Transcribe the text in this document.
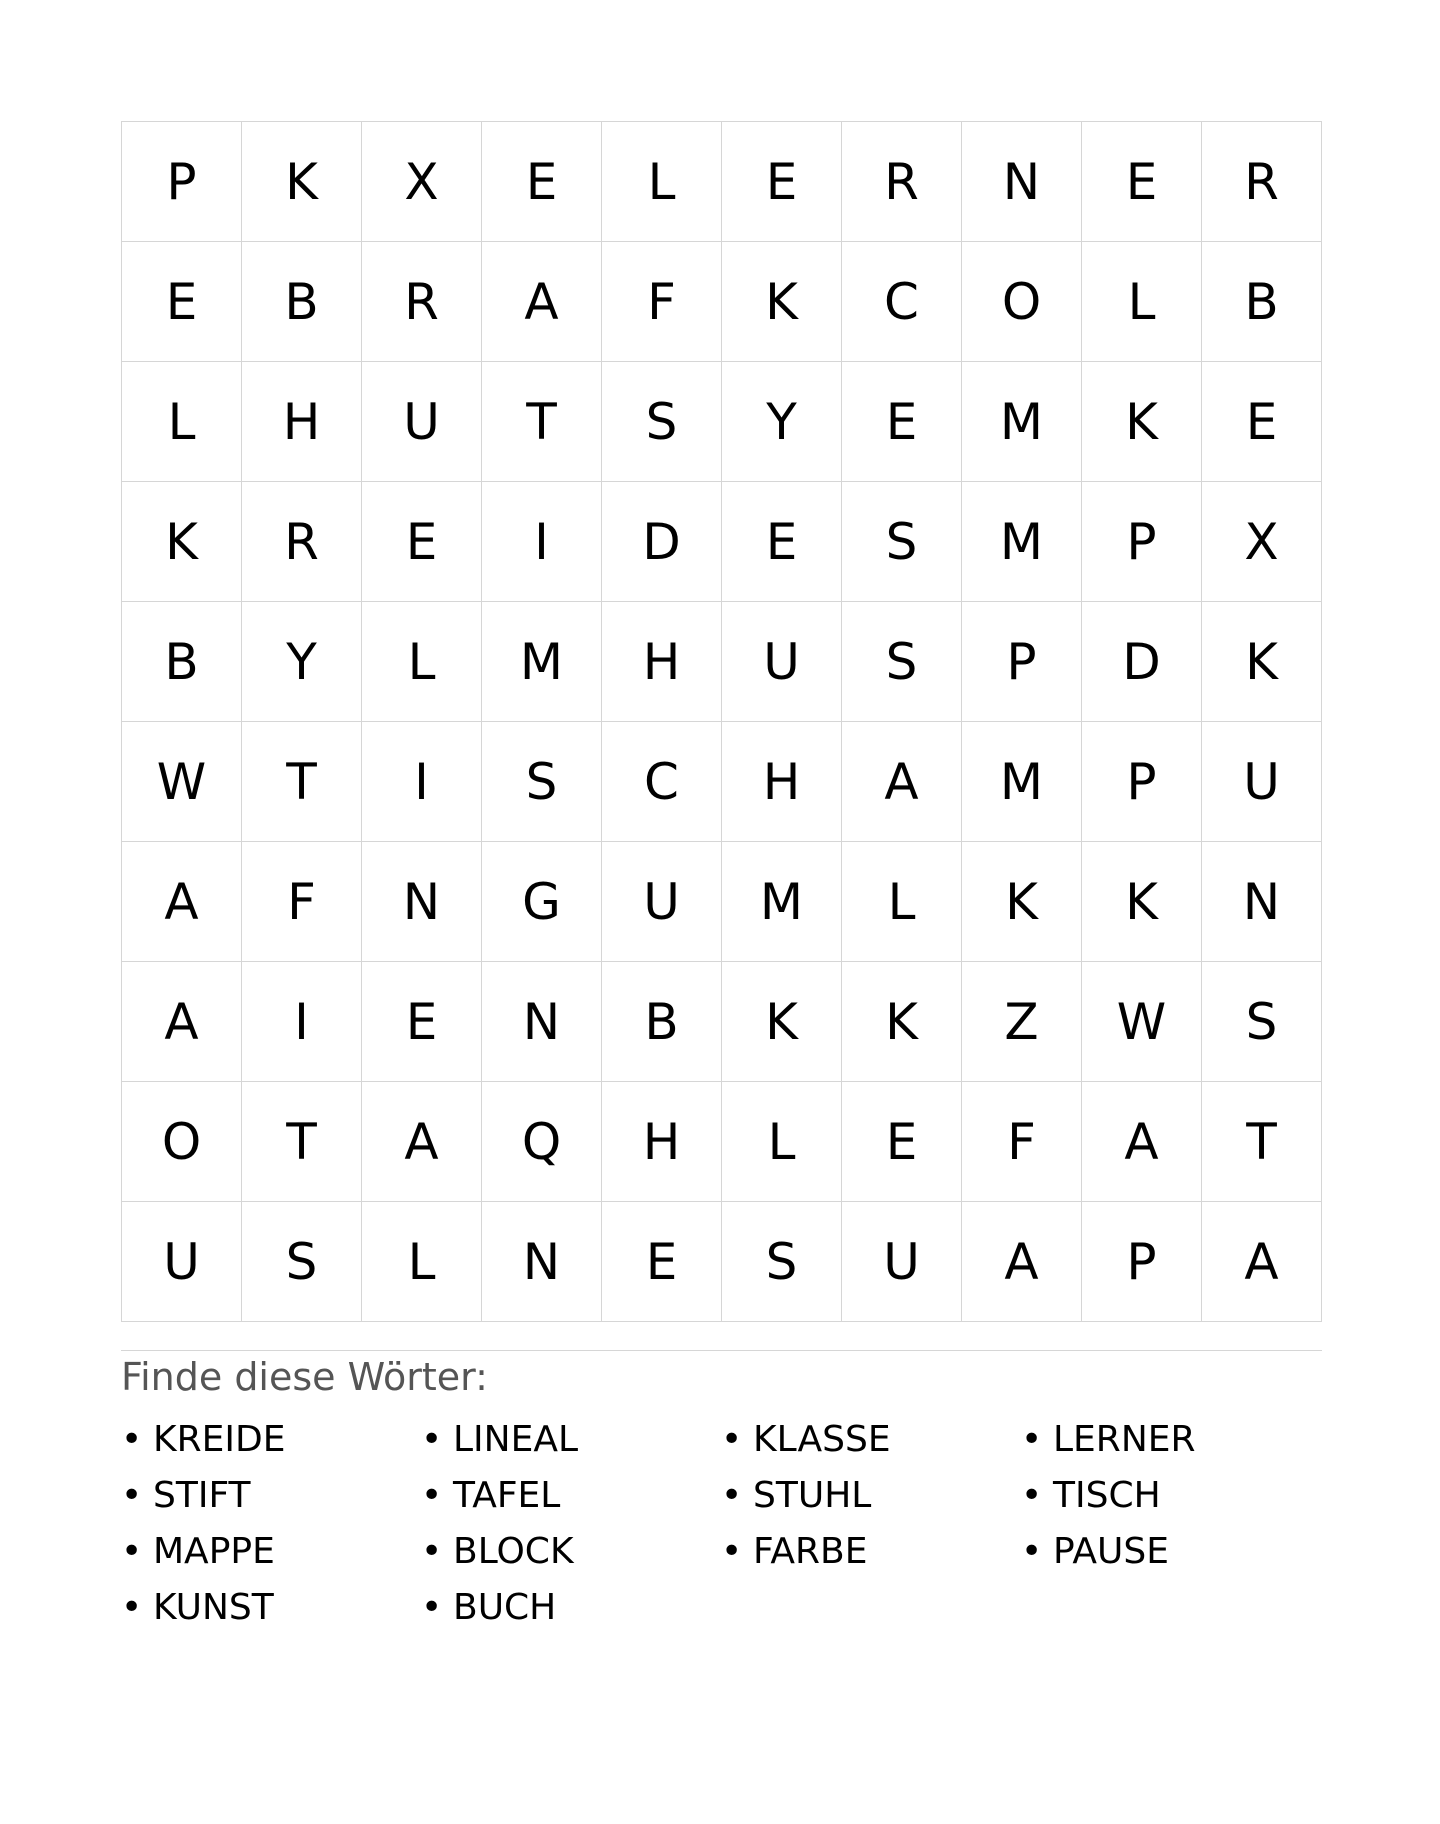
P	K	X	E	L	E	R	N	E	R
E	B	R	A	F	K	C	O	L	B
L	H	U	T	S	Y	E	M	K	E
K	R	E	I	D	E	S	M	P	X
B	Y	L	M	H	U	S	P	D	K
W	T	I	S	C	H	A	M	P	U
A	F	N	G	U	M	L	K	K	N
A	I	E	N	B	K	K	Z	W	S
O	T	A	Q	H	L	E	F	A	T
U	S	L	N	E	S	U	A	P	A
Finde diese Wörter:
• KREIDE	• LINEAL	• KLASSE	• LERNER
• STIFT	• TAFEL	• STUHL	• TISCH
• MAPPE	• BLOCK	• FARBE	• PAUSE
• KUNST	• BUCH
